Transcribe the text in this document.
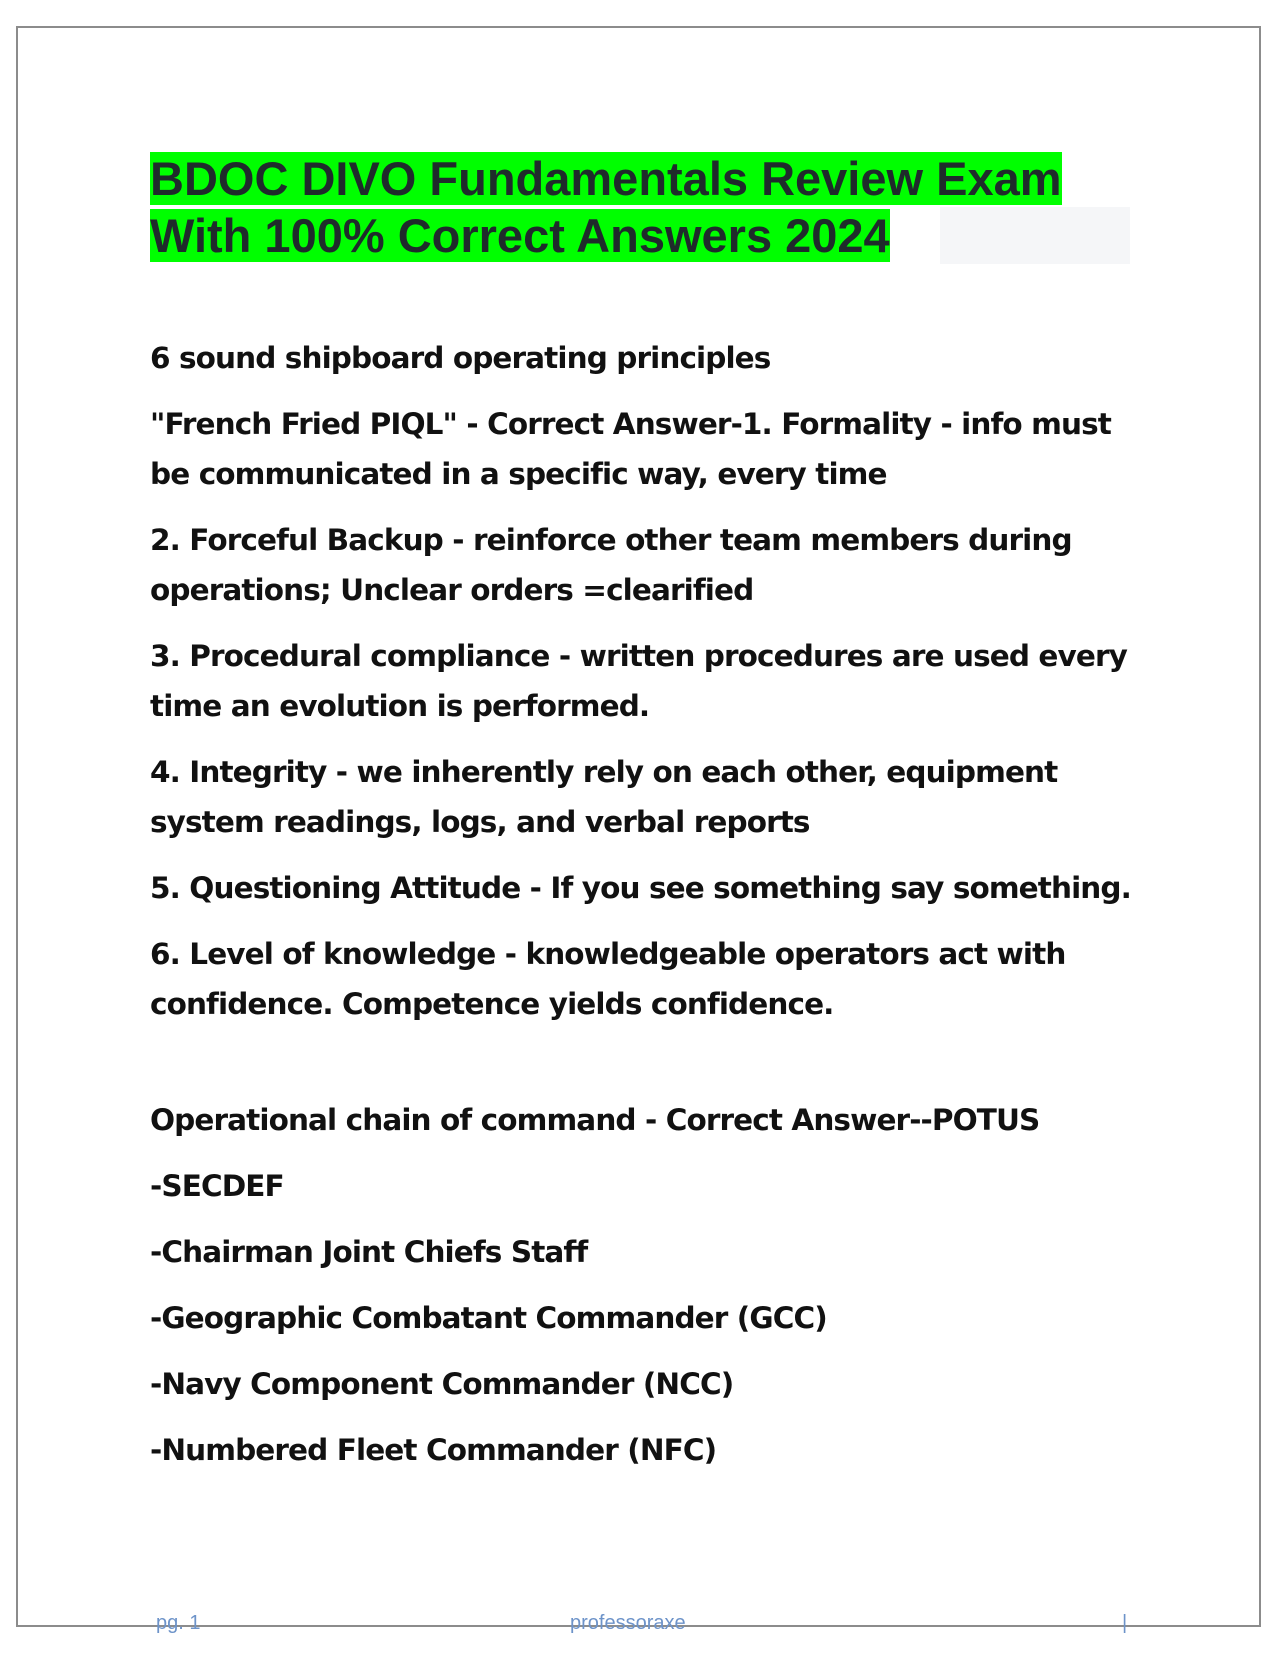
BDOC DIVO Fundamentals Review Exam
With 100% Correct Answers 2024

6 sound shipboard operating principles

"French Fried PIQL" - Correct Answer-1. Formality - info must be communicated in a specific way, every time

2. Forceful Backup - reinforce other team members during operations; Unclear orders =clearified

3. Procedural compliance - written procedures are used every time an evolution is performed.

4. Integrity - we inherently rely on each other, equipment system readings, logs, and verbal reports

5. Questioning Attitude - If you see something say something.

6. Level of knowledge - knowledgeable operators act with confidence. Competence yields confidence.

Operational chain of command - Correct Answer--POTUS

-SECDEF

-Chairman Joint Chiefs Staff

-Geographic Combatant Commander (GCC)

-Navy Component Commander (NCC)

-Numbered Fleet Commander (NFC)

pg. 1	professoraxe	|
